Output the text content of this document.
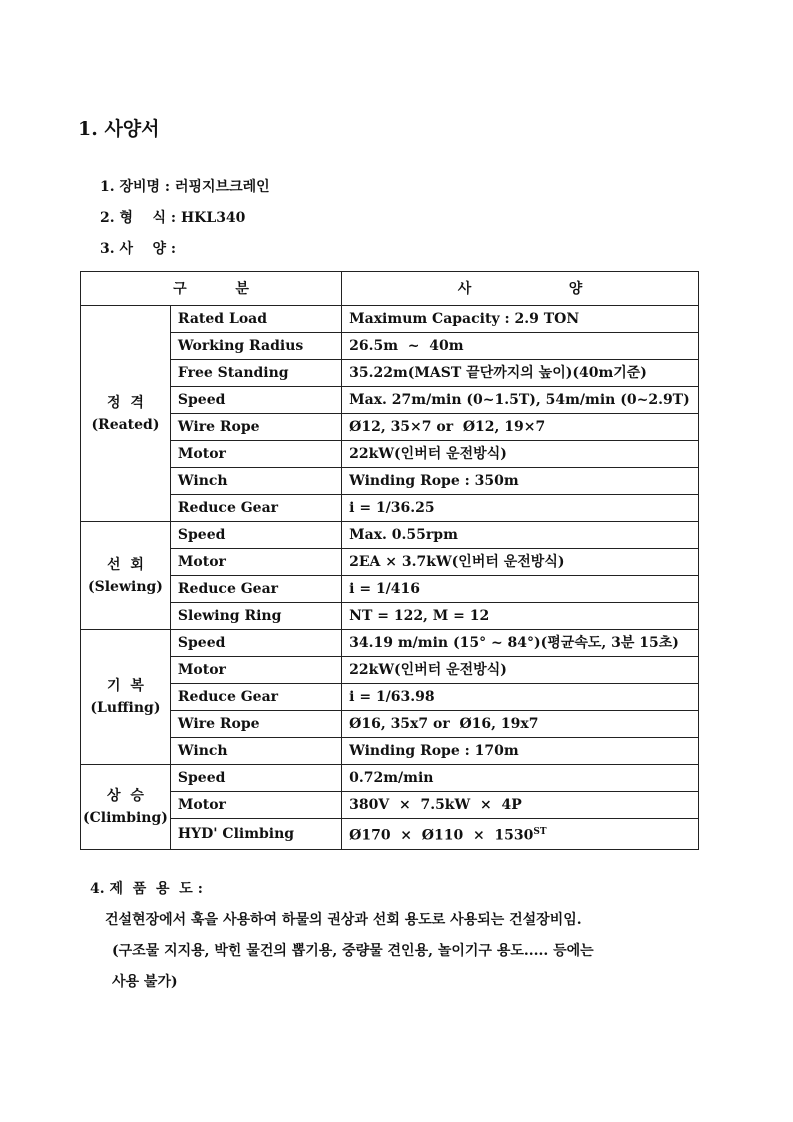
1. 사양서
1. 장비명 : 러핑지브크레인
2. 형    식 : HKL340
3. 사    양 :
구          분		사                    양

정  격
(Reated)	Rated Load	Maximum Capacity : 2.9 TON
	Working Radius	26.5m  ~  40m
	Free Standing	35.22m(MAST 끝단까지의 높이)(40m기준)
	Speed	Max. 27m/min (0~1.5T), 54m/min (0~2.9T)
	Wire Rope	Ø12, 35×7 or  Ø12, 19×7
	Motor	22kW(인버터 운전방식)
	Winch	Winding Rope : 350m
	Reduce Gear	i = 1/36.25

선  회
(Slewing)	Speed	Max. 0.55rpm
	Motor	2EA × 3.7kW(인버터 운전방식)
	Reduce Gear	i = 1/416
	Slewing Ring	NT = 122, M = 12

기  복
(Luffing)	Speed	34.19 m/min (15° ~ 84°)(평균속도, 3분 15초)
	Motor	22kW(인버터 운전방식)
	Reduce Gear	i = 1/63.98
	Wire Rope	Ø16, 35x7 or  Ø16, 19x7
	Winch	Winding Rope : 170m

상  승
(Climbing)	Speed	0.72m/min
	Motor	380V  ×  7.5kW  ×  4P
	HYD' Climbing	Ø170  ×  Ø110  ×  1530ST
4. 제  품  용  도 :
건설현장에서 훅을 사용하여 하물의 권상과 선회 용도로 사용되는 건설장비임.
(구조물 지지용, 박힌 물건의 뽑기용, 중량물 견인용, 놀이기구 용도..... 등에는
사용 불가)
